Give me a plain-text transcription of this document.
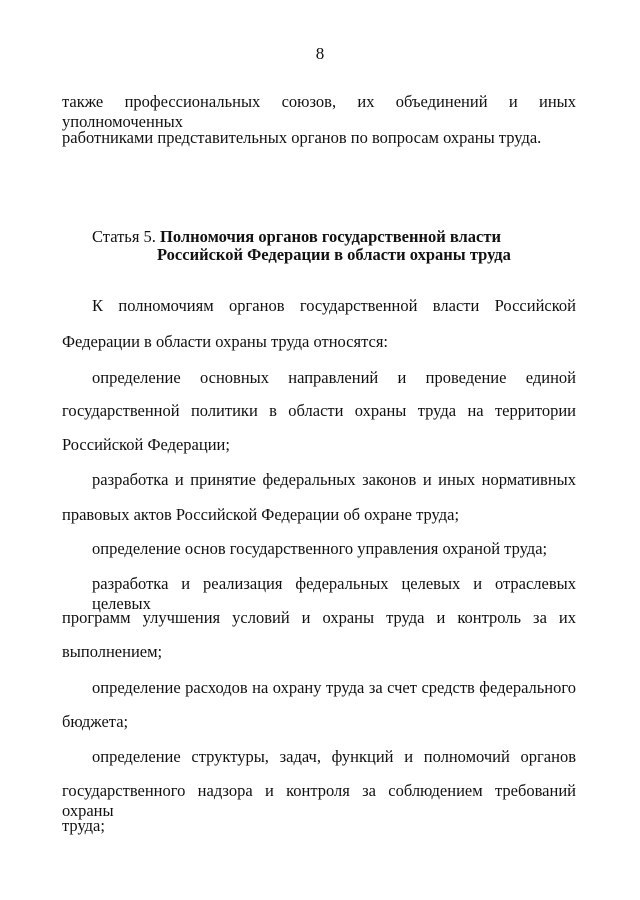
8
также профессиональных союзов, их объединений и иных уполномоченных
работниками представительных органов по вопросам охраны труда.
Статья 5. Полномочия органов государственной власти
Российской Федерации в области охраны труда
К полномочиям органов государственной власти Российской
Федерации в области охраны труда относятся:
определение основных направлений и проведение единой
государственной политики в области охраны труда на территории
Российской Федерации;
разработка и принятие федеральных законов и иных нормативных
правовых актов Российской Федерации об охране труда;
определение основ государственного управления охраной труда;
разработка и реализация федеральных целевых и отраслевых целевых
программ улучшения условий и охраны труда и контроль за их
выполнением;
определение расходов на охрану труда за счет средств федерального
бюджета;
определение структуры, задач, функций и полномочий органов
государственного надзора и контроля за соблюдением требований охраны
труда;
